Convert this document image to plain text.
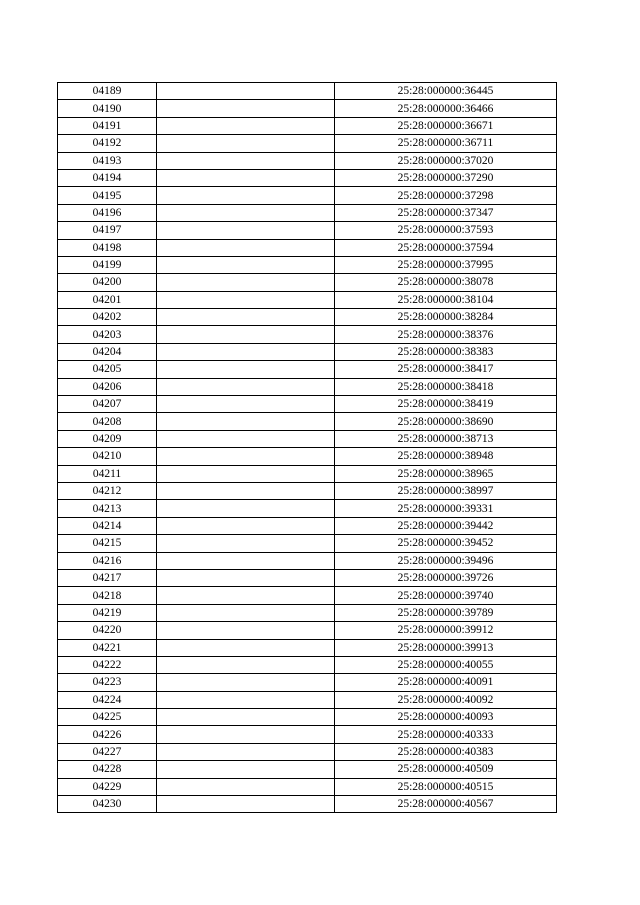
04189		25:28:000000:36445
04190		25:28:000000:36466
04191		25:28:000000:36671
04192		25:28:000000:36711
04193		25:28:000000:37020
04194		25:28:000000:37290
04195		25:28:000000:37298
04196		25:28:000000:37347
04197		25:28:000000:37593
04198		25:28:000000:37594
04199		25:28:000000:37995
04200		25:28:000000:38078
04201		25:28:000000:38104
04202		25:28:000000:38284
04203		25:28:000000:38376
04204		25:28:000000:38383
04205		25:28:000000:38417
04206		25:28:000000:38418
04207		25:28:000000:38419
04208		25:28:000000:38690
04209		25:28:000000:38713
04210		25:28:000000:38948
04211		25:28:000000:38965
04212		25:28:000000:38997
04213		25:28:000000:39331
04214		25:28:000000:39442
04215		25:28:000000:39452
04216		25:28:000000:39496
04217		25:28:000000:39726
04218		25:28:000000:39740
04219		25:28:000000:39789
04220		25:28:000000:39912
04221		25:28:000000:39913
04222		25:28:000000:40055
04223		25:28:000000:40091
04224		25:28:000000:40092
04225		25:28:000000:40093
04226		25:28:000000:40333
04227		25:28:000000:40383
04228		25:28:000000:40509
04229		25:28:000000:40515
04230		25:28:000000:40567
